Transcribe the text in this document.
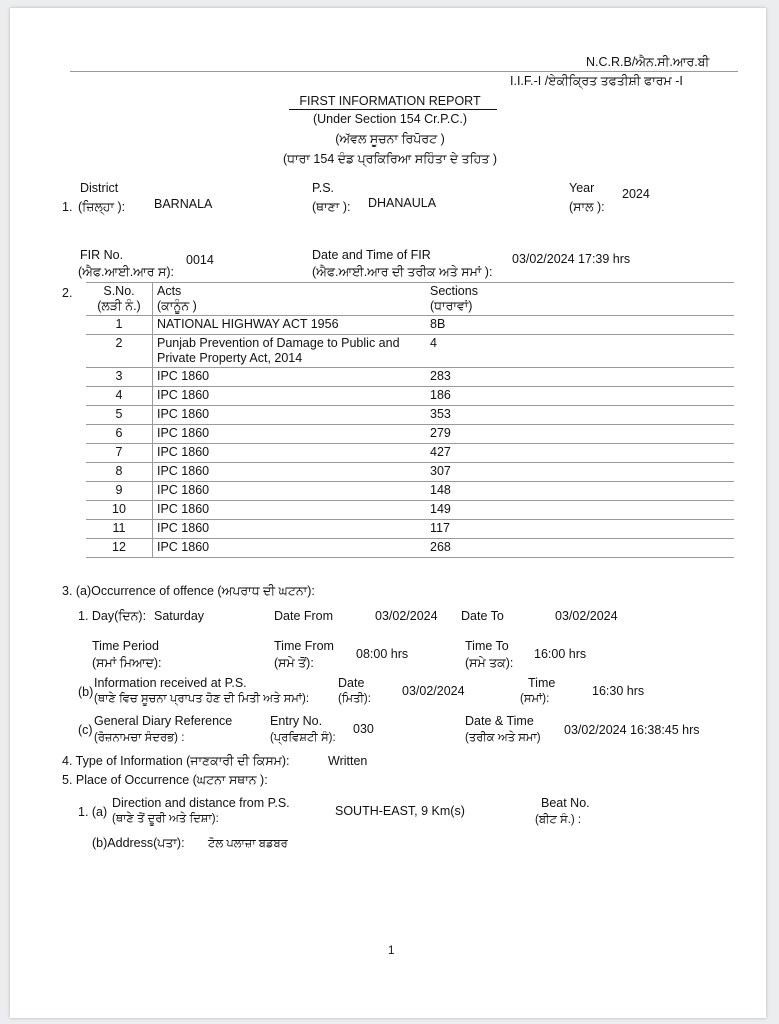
N.C.R.B/ਐਨ.ਸੀ.ਆਰ.ਬੀ
I.I.F.-I /ਏਕੀਕ੍ਰਿਤ ਤਫਤੀਸ਼ੀ ਫਾਰਮ -I
FIRST INFORMATION REPORT
(Under Section 154 Cr.P.C.)
(ਅੱਵਲ ਸੂਚਨਾ ਰਿਪੋਰਟ )
(ਧਾਰਾ 154 ਦੰਡ ਪ੍ਰਕਿਰਿਆ ਸਹਿੰਤਾ ਦੇ ਤਹਿਤ )
District
1. (ਜ਼ਿਲ੍ਹਾ ): BARNALA
P.S.
(ਥਾਣਾ ): DHANAULA
Year
(ਸਾਲ ):
2024
FIR No.
(ਐਫ.ਆਈ.ਆਰ ਸ):
0014	Date and Time of FIR
(ਐਫ.ਆਈ.ਆਰ ਦੀ ਤਰੀਕ ਅਤੇ ਸਮਾਂ ):
03/02/2024 17:39 hrs
2. S.No.
(ਲੜੀ ਨੰ.)	Acts
(ਕਾਨੂੰਨ )	Sections
(ਧਾਰਾਵਾਂ)
1	NATIONAL HIGHWAY ACT 1956	8B
2	Punjab Prevention of Damage to Public and
Private Property Act, 2014	4
3	IPC 1860	283
4	IPC 1860	186
5	IPC 1860	353
6	IPC 1860	279
7	IPC 1860	427
8	IPC 1860	307
9	IPC 1860	148
10	IPC 1860	149
11	IPC 1860	117
12	IPC 1860	268
3. (a)Occurrence of offence (ਅਪਰਾਧ ਦੀ ਘਟਨਾ):
1. Day(ਦਿਨ): Saturday	Date From	03/02/2024 Date To	03/02/2024
Time Period
(ਸਮਾਂ ਮਿਆਦ):
Time From
(ਸਮੇ ਤੋਂ):
08:00 hrs
Time To
(ਸਮੇ ਤਕ):
16:00 hrs
(b)
Information received at P.S.
(ਥਾਣੇ ਵਿਚ ਸੂਚਨਾ ਪ੍ਰਾਪਤ ਹੋਣ ਦੀ ਮਿਤੀ ਅਤੇ ਸਮਾਂ):
Date
(ਮਿਤੀ):
03/02/2024
Time
(ਸਮਾਂ):
16:30 hrs
(c)
General Diary Reference
(ਰੋਜ਼ਨਾਮਚਾ ਸੰਦਰਭ) :
Entry No.
(ਪ੍ਰਵਿਸ਼ਟੀ ਸੰ):
030
Date & Time
(ਤਰੀਕ ਅਤੇ ਸਮਾ)
03/02/2024 16:38:45 hrs
4. Type of Information (ਜਾਣਕਾਰੀ ਦੀ ਕਿਸਮ):	Written
5. Place of Occurrence (ਘਟਨਾ ਸਥਾਨ ):
1. (a)
Direction and distance from P.S.
(ਥਾਣੇ ਤੋਂ ਦੂਰੀ ਅਤੇ ਦਿਸ਼ਾ):
SOUTH-EAST, 9 Km(s)
Beat No.
(ਬੀਟ ਸੰ.) :
(b)Address(ਪਤਾ): ਟੋਲ ਪਲਾਜ਼ਾ ਬਡਬਰ
1
